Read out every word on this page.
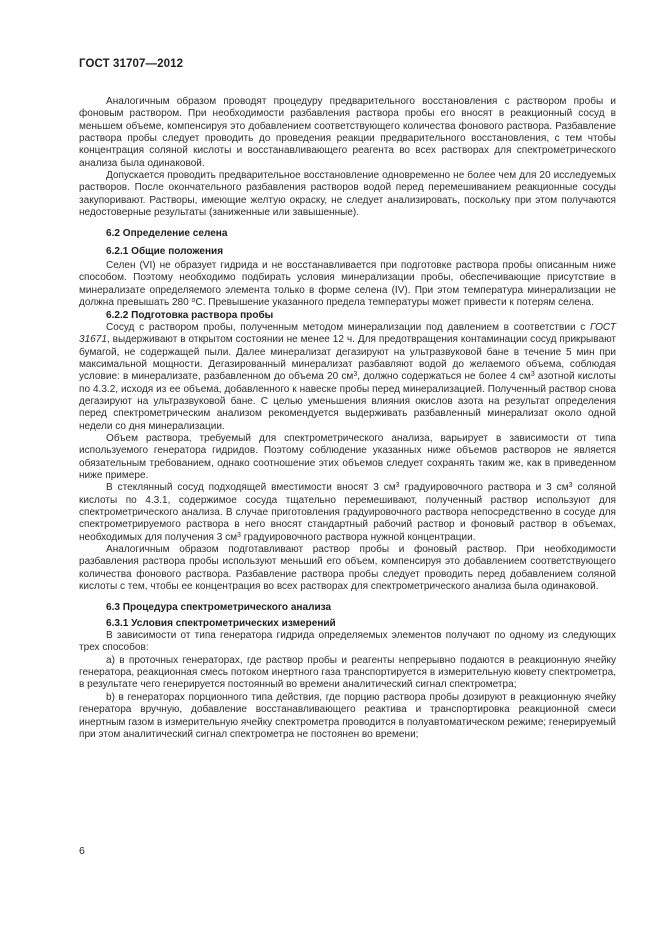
ГОСТ 31707—2012

Аналогичным образом проводят процедуру предварительного восстановления с раствором пробы и фоновым раствором. При необходимости разбавления раствора пробы его вносят в реакционный сосуд в меньшем объеме, компенсируя это добавлением соответствующего количества фонового раствора. Разбавление раствора пробы следует проводить до проведения реакции предварительного восстановления, с тем чтобы концентрация соляной кислоты и восстанавливающего реагента во всех растворах для спектрометрического анализа была одинаковой.

Допускается проводить предварительное восстановление одновременно не более чем для 20 исследуемых растворов. После окончательного разбавления растворов водой перед перемешиванием реакционные сосуды закупоривают. Растворы, имеющие желтую окраску, не следует анализировать, поскольку при этом получаются недостоверные результаты (заниженные или завышенные).

6.2 Определение селена

6.2.1 Общие положения

Селен (VI) не образует гидрида и не восстанавливается при подготовке раствора пробы описанным ниже способом. Поэтому необходимо подбирать условия минерализации пробы, обеспечивающие присутствие в минерализате определяемого элемента только в форме селена (IV). При этом температура минерализации не должна превышать 280 $^о$С. Превышение указанного предела температуры может привести к потерям селена.

6.2.2 Подготовка раствора пробы

Сосуд с раствором пробы, полученным методом минерализации под давлением в соответствии с ГОСТ 31671, выдерживают в открытом состоянии не менее 12 ч. Для предотвращения контаминации сосуд прикрывают бумагой, не содержащей пыли. Далее минерализат дегазируют на ультразвуковой бане в течение 5 мин при максимальной мощности. Дегазированный минерализат разбавляют водой до желаемого объема, соблюдая условие: в минерализате, разбавленном до объема 20 $см^3$, должно содержаться не более 4 $см^3$ азотной кислоты по 4.3.2, исходя из ее объема, добавленного к навеске пробы перед минерализацией. Полученный раствор снова дегазируют на ультразвуковой бане. С целью уменьшения влияния окислов азота на результат определения перед спектрометрическим анализом рекомендуется выдерживать разбавленный минерализат около одной недели со дня минерализации.

Объем раствора, требуемый для спектрометрического анализа, варьирует в зависимости от типа используемого генератора гидридов. Поэтому соблюдение указанных ниже объемов растворов не является обязательным требованием, однако соотношение этих объемов следует сохранять таким же, как в приведенном ниже примере.

В стеклянный сосуд подходящей вместимости вносят 3 $см^3$ градуировочного раствора и 3 $см^3$ соляной кислоты по 4.3.1, содержимое сосуда тщательно перемешивают, полученный раствор используют для спектрометрического анализа. В случае приготовления градуировочного раствора непосредственно в сосуде для спектрометрируемого раствора в него вносят стандартный рабочий раствор и фоновый раствор в объемах, необходимых для получения 3 $см^3$ градуировочного раствора нужной концентрации.

Аналогичным образом подготавливают раствор пробы и фоновый раствор. При необходимости разбавления раствора пробы используют меньший его объем, компенсируя это добавлением соответствующего количества фонового раствора. Разбавление раствора пробы следует проводить перед добавлением соляной кислоты с тем, чтобы ее концентрация во всех растворах для спектрометрического анализа была одинаковой.

6.3 Процедура спектрометрического анализа

6.3.1 Условия спектрометрических измерений

В зависимости от типа генератора гидрида определяемых элементов получают по одному из следующих трех способов:

а) в проточных генераторах, где раствор пробы и реагенты непрерывно подаются в реакционную ячейку генератора, реакционная смесь потоком инертного газа транспортируется в измерительную кювету спектрометра, в результате чего генерируется постоянный во времени аналитический сигнал спектрометра;

b) в генераторах порционного типа действия, где порцию раствора пробы дозируют в реакционную ячейку генератора вручную, добавление восстанавливающего реактива и транспортировка реакционной смеси инертным газом в измерительную ячейку спектрометра проводится в полуавтоматическом режиме; генерируемый при этом аналитический сигнал спектрометра не постоянен во времени;

6
